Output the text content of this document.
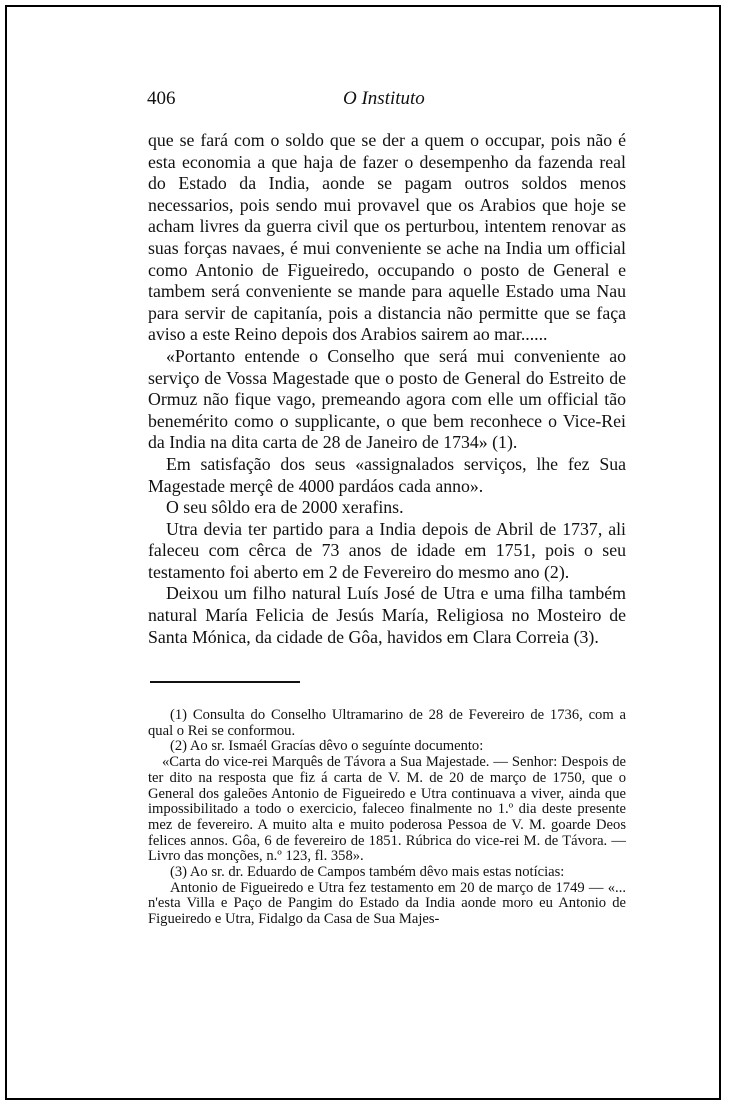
406	O Instituto

que se fará com o soldo que se der a quem o occupar, pois não é esta economia a que haja de fazer o desempenho da fazenda real do Estado da India, aonde se pagam outros soldos menos necessarios, pois sendo mui provavel que os Arabios que hoje se acham livres da guerra civil que os perturbou, intentem renovar as suas forças navaes, é mui conveniente se ache na India um official como Antonio de Figueiredo, occupando o posto de General e tambem será conveniente se mande para aquelle Estado uma Nau para servir de capitanía, pois a distancia não permitte que se faça aviso a este Reino depois dos Arabios sairem ao mar......

«Portanto entende o Conselho que será mui conveniente ao serviço de Vossa Magestade que o posto de General do Estreito de Ormuz não fique vago, premeando agora com elle um official tão benemérito como o supplicante, o que bem reconhece o Vice-Rei da India na dita carta de 28 de Janeiro de 1734» (1).

Em satisfação dos seus «assignalados serviços, lhe fez Sua Magestade merçê de 4000 pardáos cada anno».

O seu sôldo era de 2000 xerafins.

Utra devia ter partido para a India depois de Abril de 1737, ali faleceu com cêrca de 73 anos de idade em 1751, pois o seu testamento foi aberto em 2 de Fevereiro do mesmo ano (2).

Deixou um filho natural Luís José de Utra e uma filha também natural María Felicia de Jesús María, Religiosa no Mosteiro de Santa Mónica, da cidade de Gôa, havidos em Clara Correia (3).

(1) Consulta do Conselho Ultramarino de 28 de Fevereiro de 1736, com a qual o Rei se conformou.

(2) Ao sr. Ismaél Gracías dêvo o seguínte documento:

«Carta do vice-rei Marquês de Távora a Sua Majestade. — Senhor: Despois de ter dito na resposta que fiz á carta de V. M. de 20 de março de 1750, que o General dos galeões Antonio de Figueiredo e Utra continuava a viver, ainda que impossibilitado a todo o exercicio, faleceo finalmente no 1.º dia deste presente mez de fevereiro. A muito alta e muito poderosa Pessoa de V. M. goarde Deos felices annos. Gôa, 6 de fevereiro de 1851. Rúbrica do vice-rei M. de Távora. — Livro das monções, n.º 123, fl. 358».

(3) Ao sr. dr. Eduardo de Campos também dêvo mais estas notícias:

Antonio de Figueiredo e Utra fez testamento em 20 de março de 1749 — «... n'esta Villa e Paço de Pangim do Estado da India aonde moro eu Antonio de Figueiredo e Utra, Fidalgo da Casa de Sua Majes-
